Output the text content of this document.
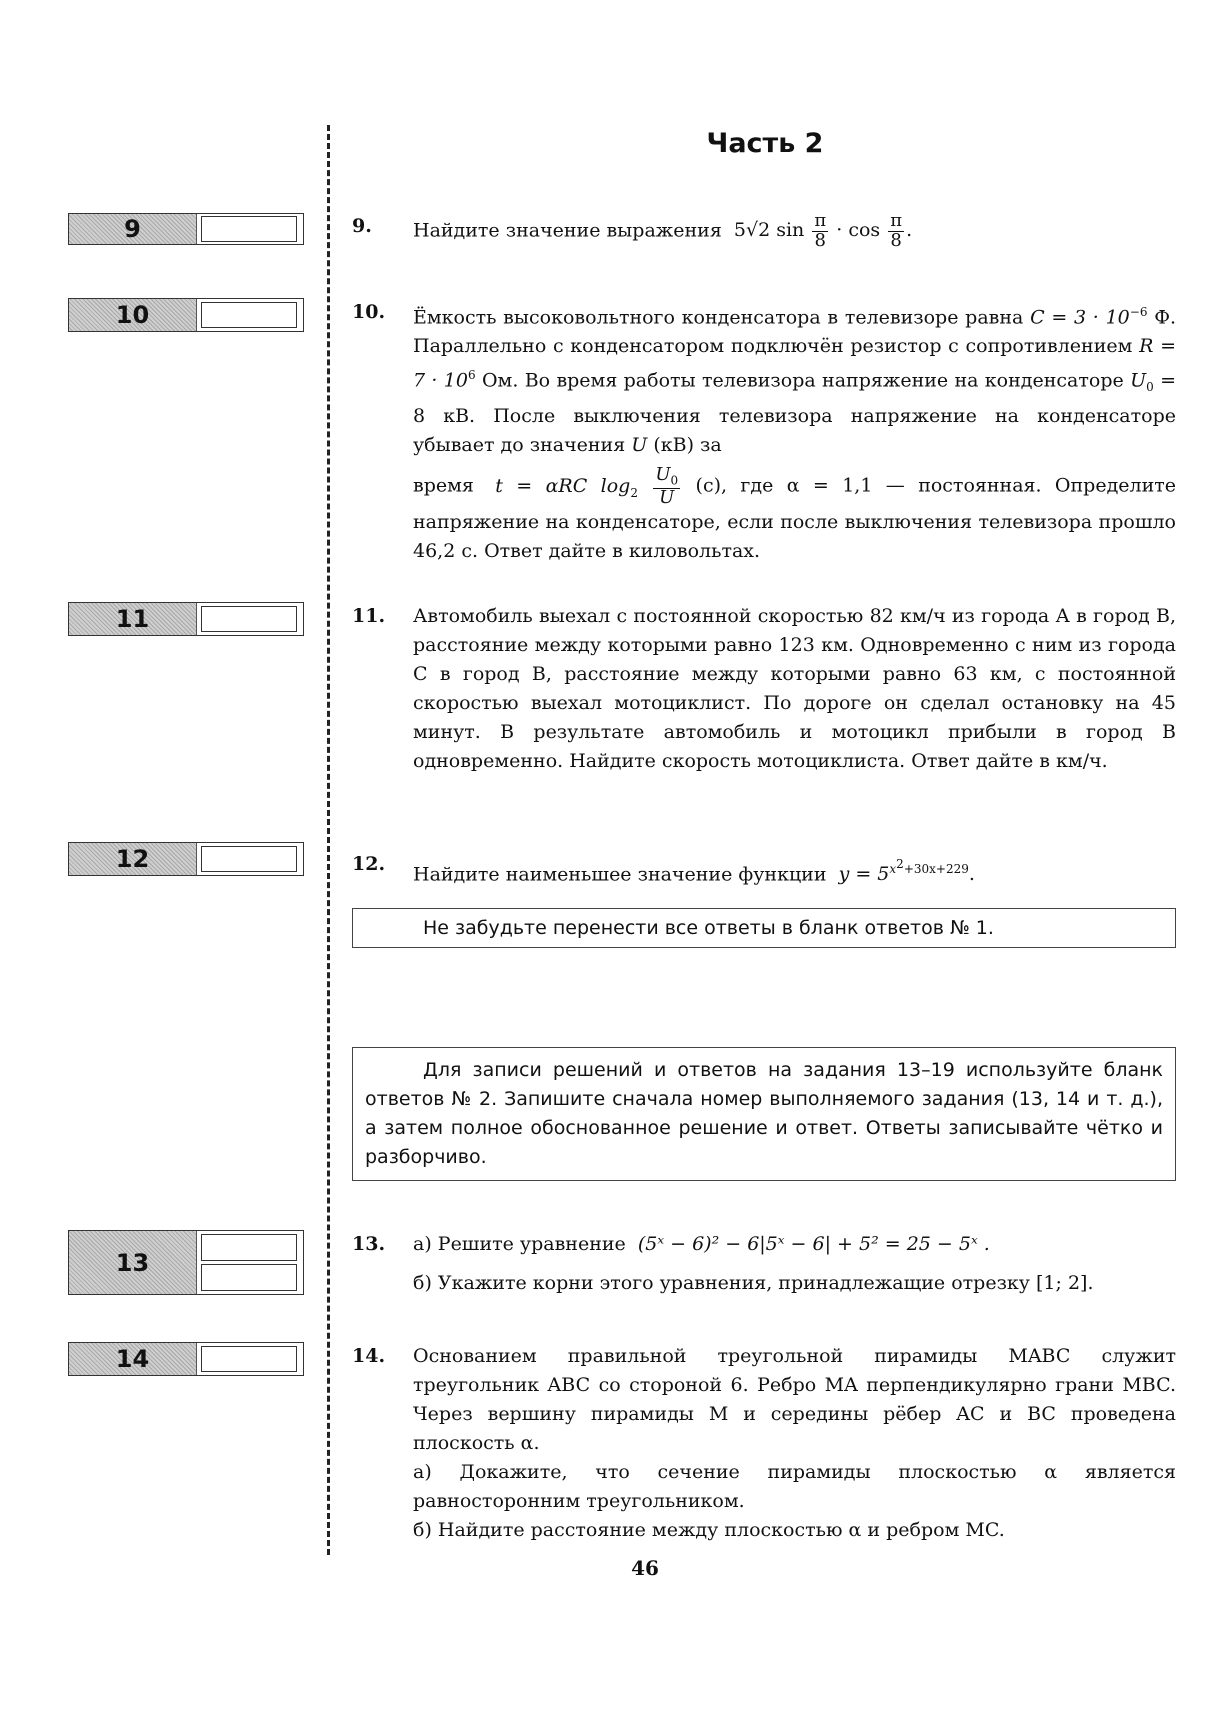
Часть 2
9
10
11
12
13
14
9. Найдите значение выражения 5√2 $\sin \frac{\pi}{8} \cdot \cos \frac{\pi}{8}$ .
10. Ёмкость высоковольтного конденсатора в телевизоре равна $C = 3 \cdot 10^{-6}$ Ф. Параллельно с конденсатором подключён резистор с сопротивлением $R = 7 \cdot 10^6$ Ом. Во время работы телевизора напряжение на конденсаторе $U_0 = 8$ кВ. После выключения телевизора напряжение на конденсаторе убывает до значения U (кВ) за

время t = αRC $\log_2 \frac{U_0}{U} (с)$, где α = 1,1 — постоянная. Определите напряжение на конденсаторе, если после выключения телевизора прошло 46,2 с. Ответ дайте в киловольтах.

11. Автомобиль выехал с постоянной скоростью 82 км/ч из города А в город В, расстояние между которыми равно 123 км. Одновременно с ним из города С в город В, расстояние между которыми равно 63 км, с постоянной скоростью выехал мотоциклист. По дороге он сделал остановку на 45 минут. В результате автомобиль и мотоцикл прибыли в город В одновременно. Найдите скорость мотоциклиста. Ответ дайте в км/ч.

12. Найдите наименьшее значение функции $y = 5^{x^2+30x+229}$.
Не забудьте перенести все ответы в бланк ответов № 1.
Для записи решений и ответов на задания 13–19 используйте бланк ответов № 2. Запишите сначала номер выполняемого задания (13, 14 и т. д.), а затем полное обоснованное решение и ответ. Ответы записывайте чётко и разборчиво.
13. а) Решите уравнение (5ˣ − 6)² − 6|5ˣ − 6| + 5² = 25 − 5ˣ .

б) Укажите корни этого уравнения, принадлежащие отрезку [1; 2].

14. Основанием правильной треугольной пирамиды MABC служит треугольник ABC со стороной 6. Ребро MA перпендикулярно грани MBC. Через вершину пирамиды M и середины рёбер AC и BC проведена плоскость α.

а) Докажите, что сечение пирамиды плоскостью α является равносторонним треугольником.

б) Найдите расстояние между плоскостью α и ребром MC.

46
